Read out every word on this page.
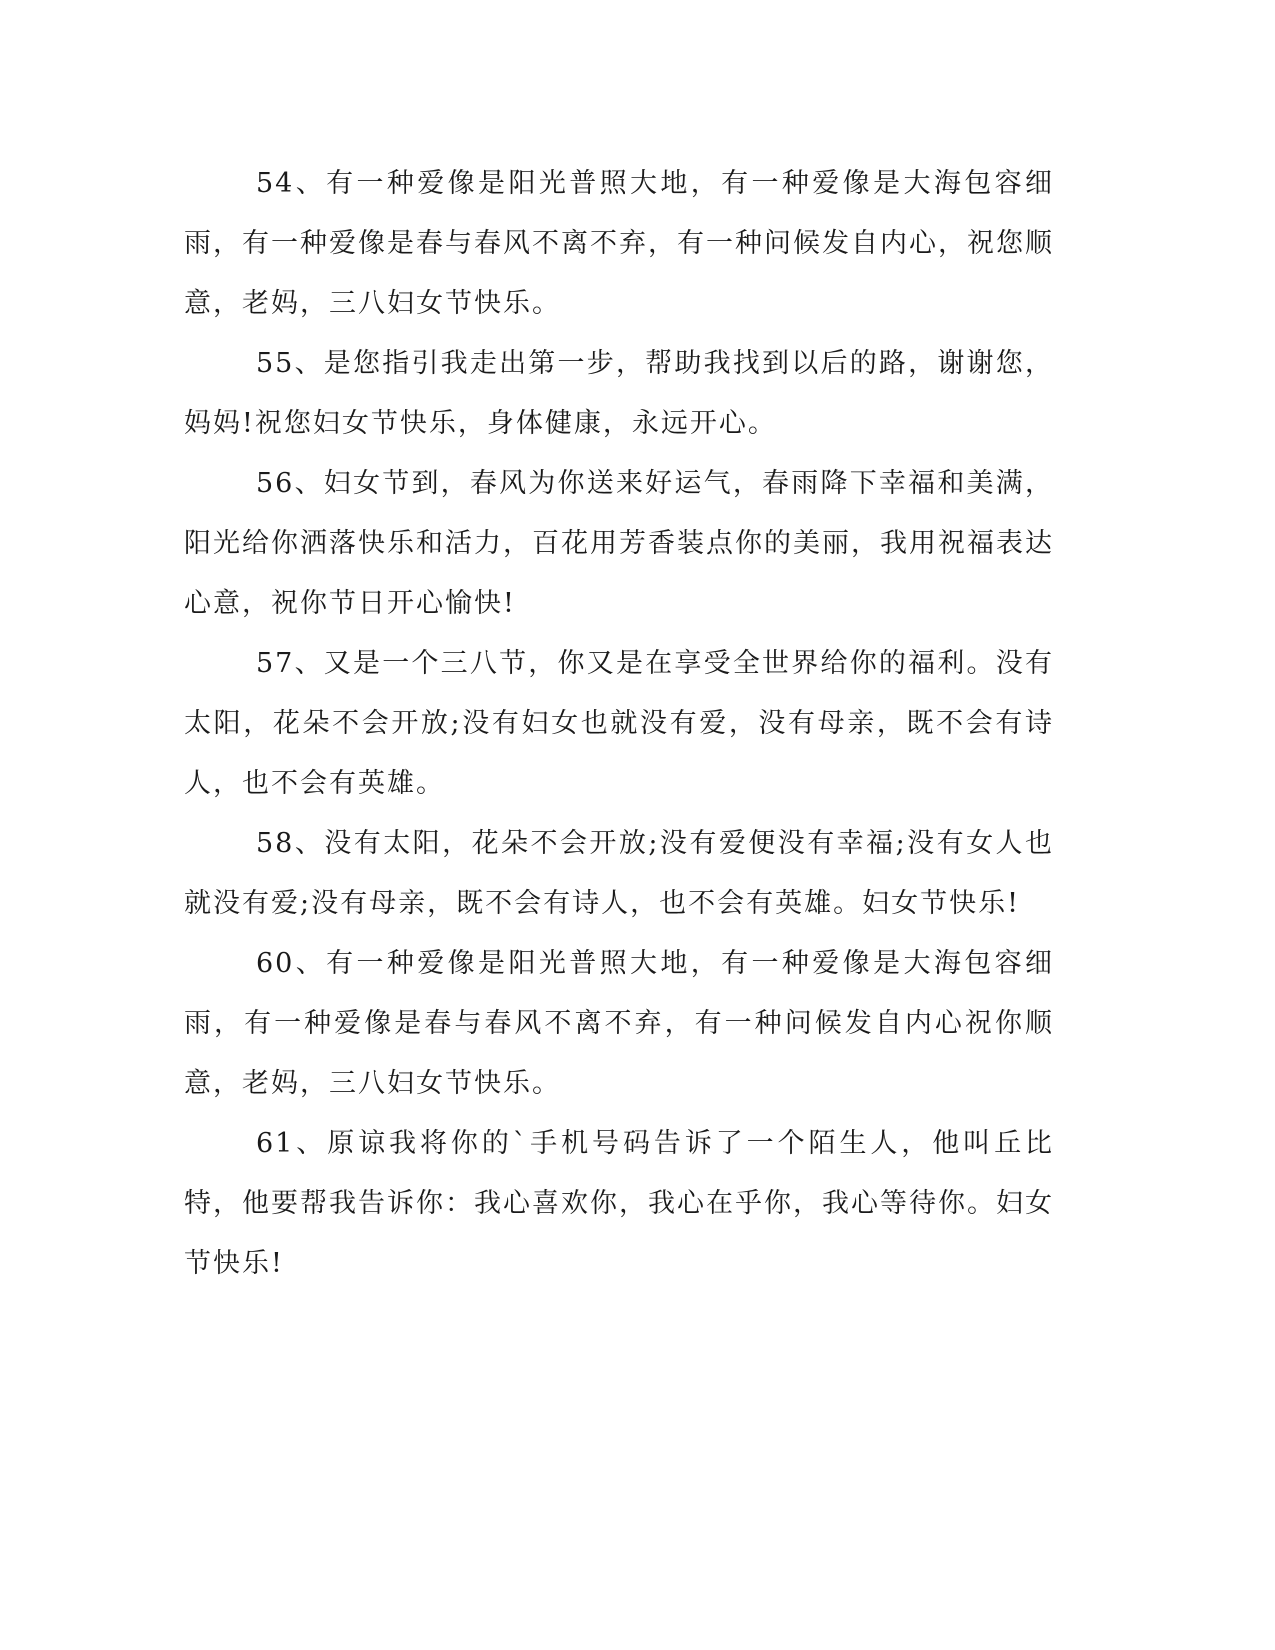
54、有一种爱像是阳光普照大地，有一种爱像是大海包容细雨，有一种爱像是春与春风不离不弃，有一种问候发自内心，祝您顺意，老妈，三八妇女节快乐。

55、是您指引我走出第一步，帮助我找到以后的路，谢谢您，妈妈!祝您妇女节快乐，身体健康，永远开心。

56、妇女节到，春风为你送来好运气，春雨降下幸福和美满，阳光给你洒落快乐和活力，百花用芳香装点你的美丽，我用祝福表达心意，祝你节日开心愉快!

57、又是一个三八节，你又是在享受全世界给你的福利。没有太阳，花朵不会开放;没有妇女也就没有爱，没有母亲，既不会有诗人，也不会有英雄。

58、没有太阳，花朵不会开放;没有爱便没有幸福;没有女人也就没有爱;没有母亲，既不会有诗人，也不会有英雄。妇女节快乐!

60、有一种爱像是阳光普照大地，有一种爱像是大海包容细雨，有一种爱像是春与春风不离不弃，有一种问候发自内心祝你顺意，老妈，三八妇女节快乐。

61、原谅我将你的`手机号码告诉了一个陌生人，他叫丘比特，他要帮我告诉你：我心喜欢你，我心在乎你，我心等待你。妇女节快乐!
